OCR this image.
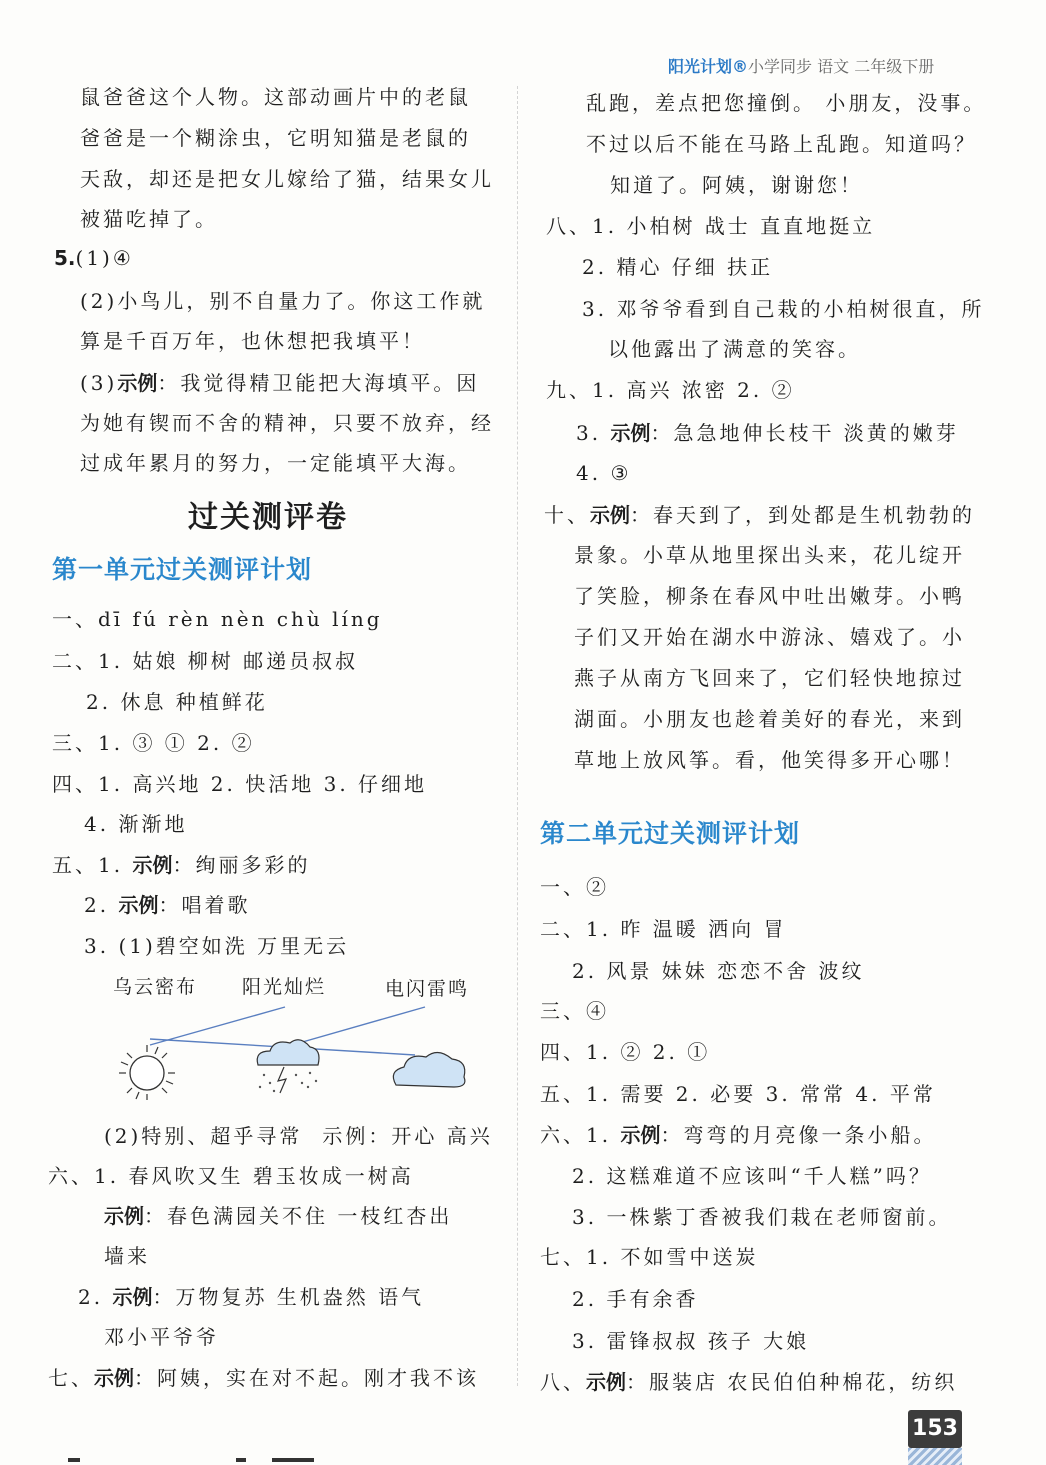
阳光计划®小学同步 语文 二年级下册
鼠爸爸这个人物。这部动画片中的老鼠
爸爸是一个糊涂虫，它明知猫是老鼠的
天敌，却还是把女儿嫁给了猫，结果女儿
被猫吃掉了。
5.(1)④
(2)小鸟儿，别不自量力了。你这工作就
算是千百万年，也休想把我填平！
(3)示例：我觉得精卫能把大海填平。因
为她有锲而不舍的精神，只要不放弃，经
过成年累月的努力，一定能填平大海。
过关测评卷
第一单元过关测评计划
一、dī fú rèn nèn chù líng
二、1. 姑娘 柳树 邮递员叔叔
2. 休息 种植鲜花
三、1. ③ ① 2. ②
四、1. 高兴地 2. 快活地 3. 仔细地
4. 渐渐地
五、1. 示例：绚丽多彩的
2. 示例：唱着歌
3. (1)碧空如洗 万里无云
乌云密布 阳光灿烂	电闪雷鸣
(2)特别、超乎寻常 示例：开心 高兴
六、1. 春风吹又生 碧玉妆成一树高
示例：春色满园关不住 一枝红杏出
墙来
2. 示例：万物复苏 生机盎然 语气
邓小平爷爷
七、示例：阿姨，实在对不起。刚才我不该
乱跑，差点把您撞倒。 小朋友，没事。
不过以后不能在马路上乱跑。知道吗？
知道了。阿姨，谢谢您！
八、1. 小柏树 战士 直直地挺立
2. 精心 仔细 扶正
3. 邓爷爷看到自己栽的小柏树很直，所
以他露出了满意的笑容。
九、1. 高兴 浓密 2. ②
3. 示例：急急地伸长枝干 淡黄的嫩芽
4. ③
十、示例：春天到了，到处都是生机勃勃的
景象。小草从地里探出头来，花儿绽开
了笑脸，柳条在春风中吐出嫩芽。小鸭
子们又开始在湖水中游泳、嬉戏了。小
燕子从南方飞回来了，它们轻快地掠过
湖面。小朋友也趁着美好的春光，来到
草地上放风筝。看，他笑得多开心哪！
第二单元过关测评计划
一、②
二、1. 昨 温暖 洒向 冒
2. 风景 妹妹 恋恋不舍 波纹
三、④
四、1. ② 2. ①
五、1. 需要 2. 必要 3. 常常 4. 平常
六、1. 示例：弯弯的月亮像一条小船。
2. 这糕难道不应该叫“千人糕”吗？
3. 一株紫丁香被我们栽在老师窗前。
七、1. 不如雪中送炭
2. 手有余香
3. 雷锋叔叔 孩子 大娘
八、示例：服装店 农民伯伯种棉花，纺织
153
